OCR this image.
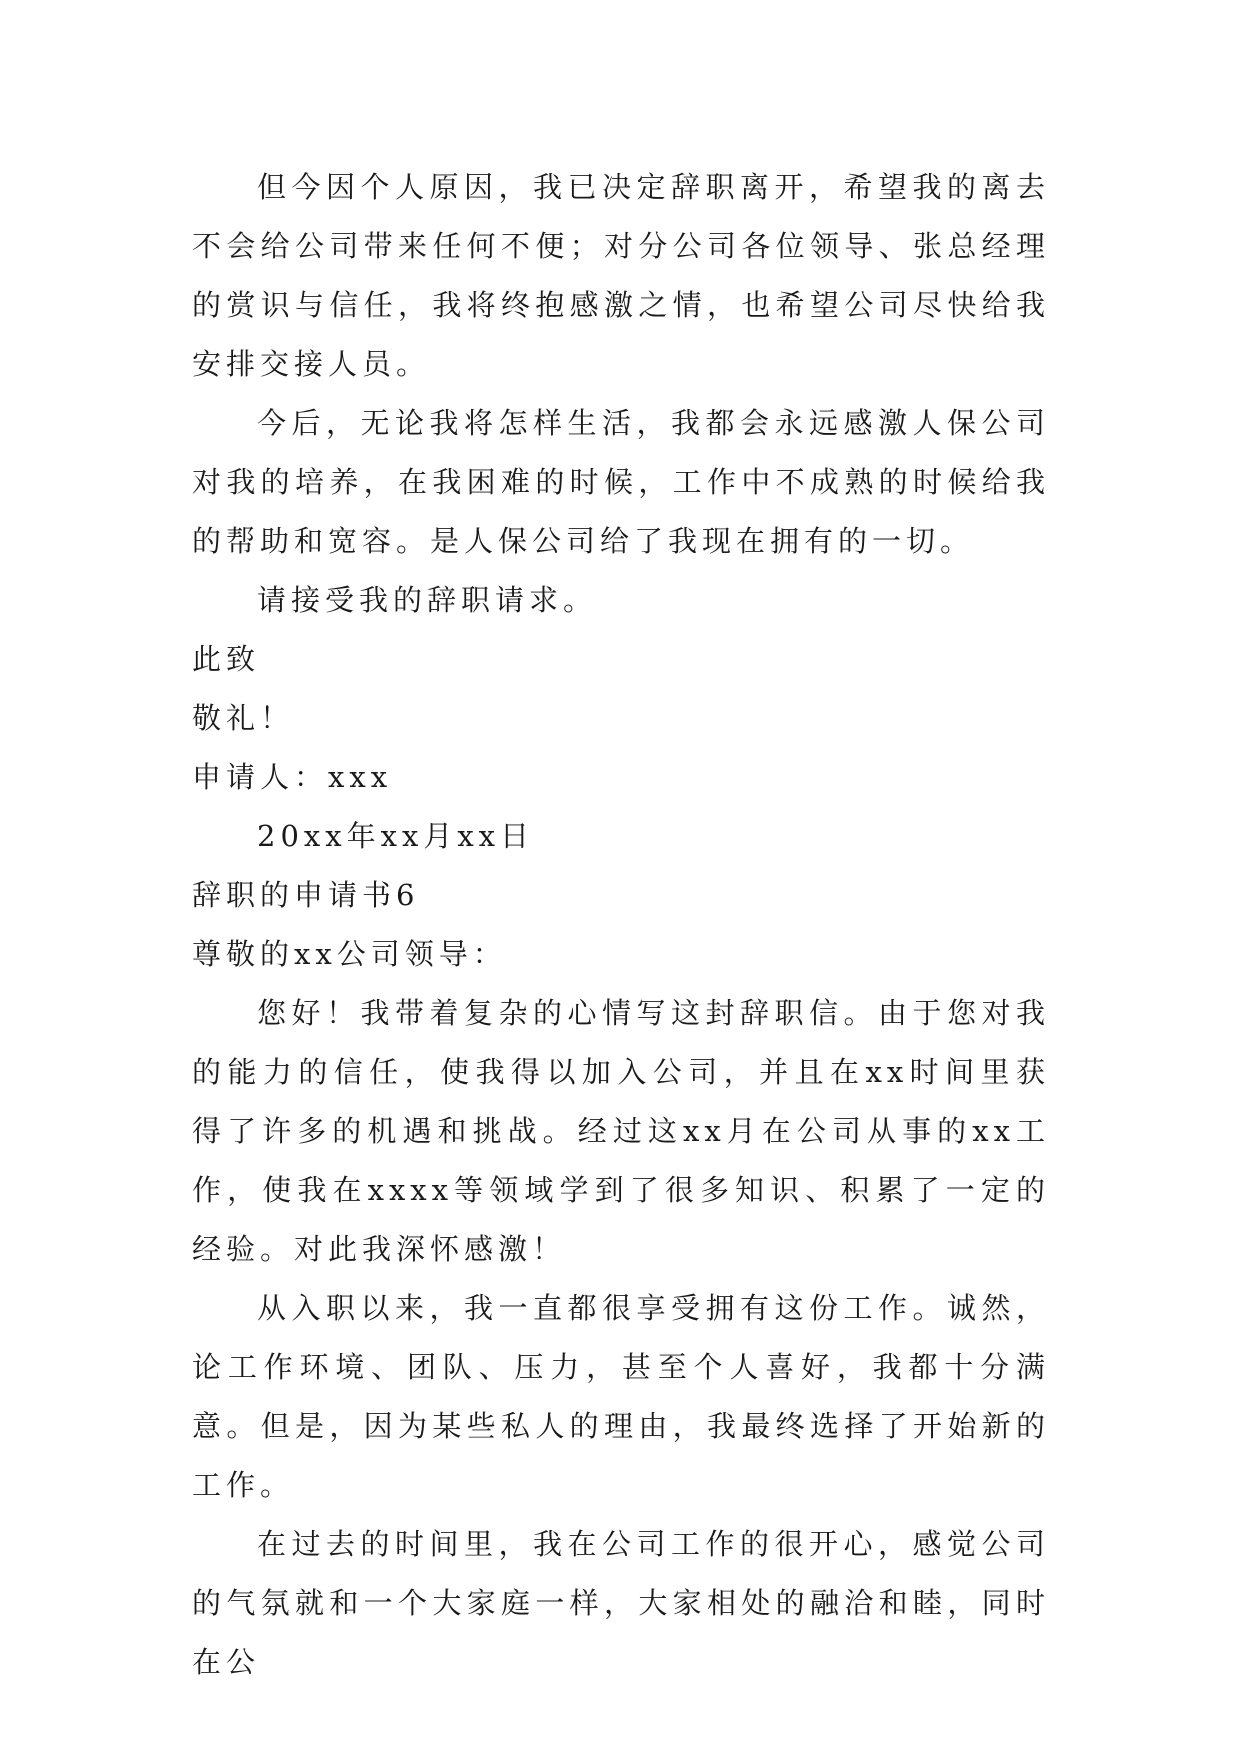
但今因个人原因，我已决定辞职离开，希望我的离去不会给公司带来任何不便；对分公司各位领导、张总经理的赏识与信任，我将终抱感激之情，也希望公司尽快给我安排交接人员。

今后，无论我将怎样生活，我都会永远感激人保公司对我的培养，在我困难的时候，工作中不成熟的时候给我的帮助和宽容。是人保公司给了我现在拥有的一切。

请接受我的辞职请求。

此致

敬礼！

申请人：xxx

20xx年xx月xx日

辞职的申请书6

尊敬的xx公司领导：

您好！我带着复杂的心情写这封辞职信。由于您对我的能力的信任，使我得以加入公司，并且在xx时间里获得了许多的机遇和挑战。经过这xx月在公司从事的xx工作，使我在xxxx等领域学到了很多知识、积累了一定的经验。对此我深怀感激！

从入职以来，我一直都很享受拥有这份工作。诚然，论工作环境、团队、压力，甚至个人喜好，我都十分满意。但是，因为某些私人的理由，我最终选择了开始新的工作。

在过去的时间里，我在公司工作的很开心，感觉公司的气氛就和一个大家庭一样，大家相处的融洽和睦，同时在公
